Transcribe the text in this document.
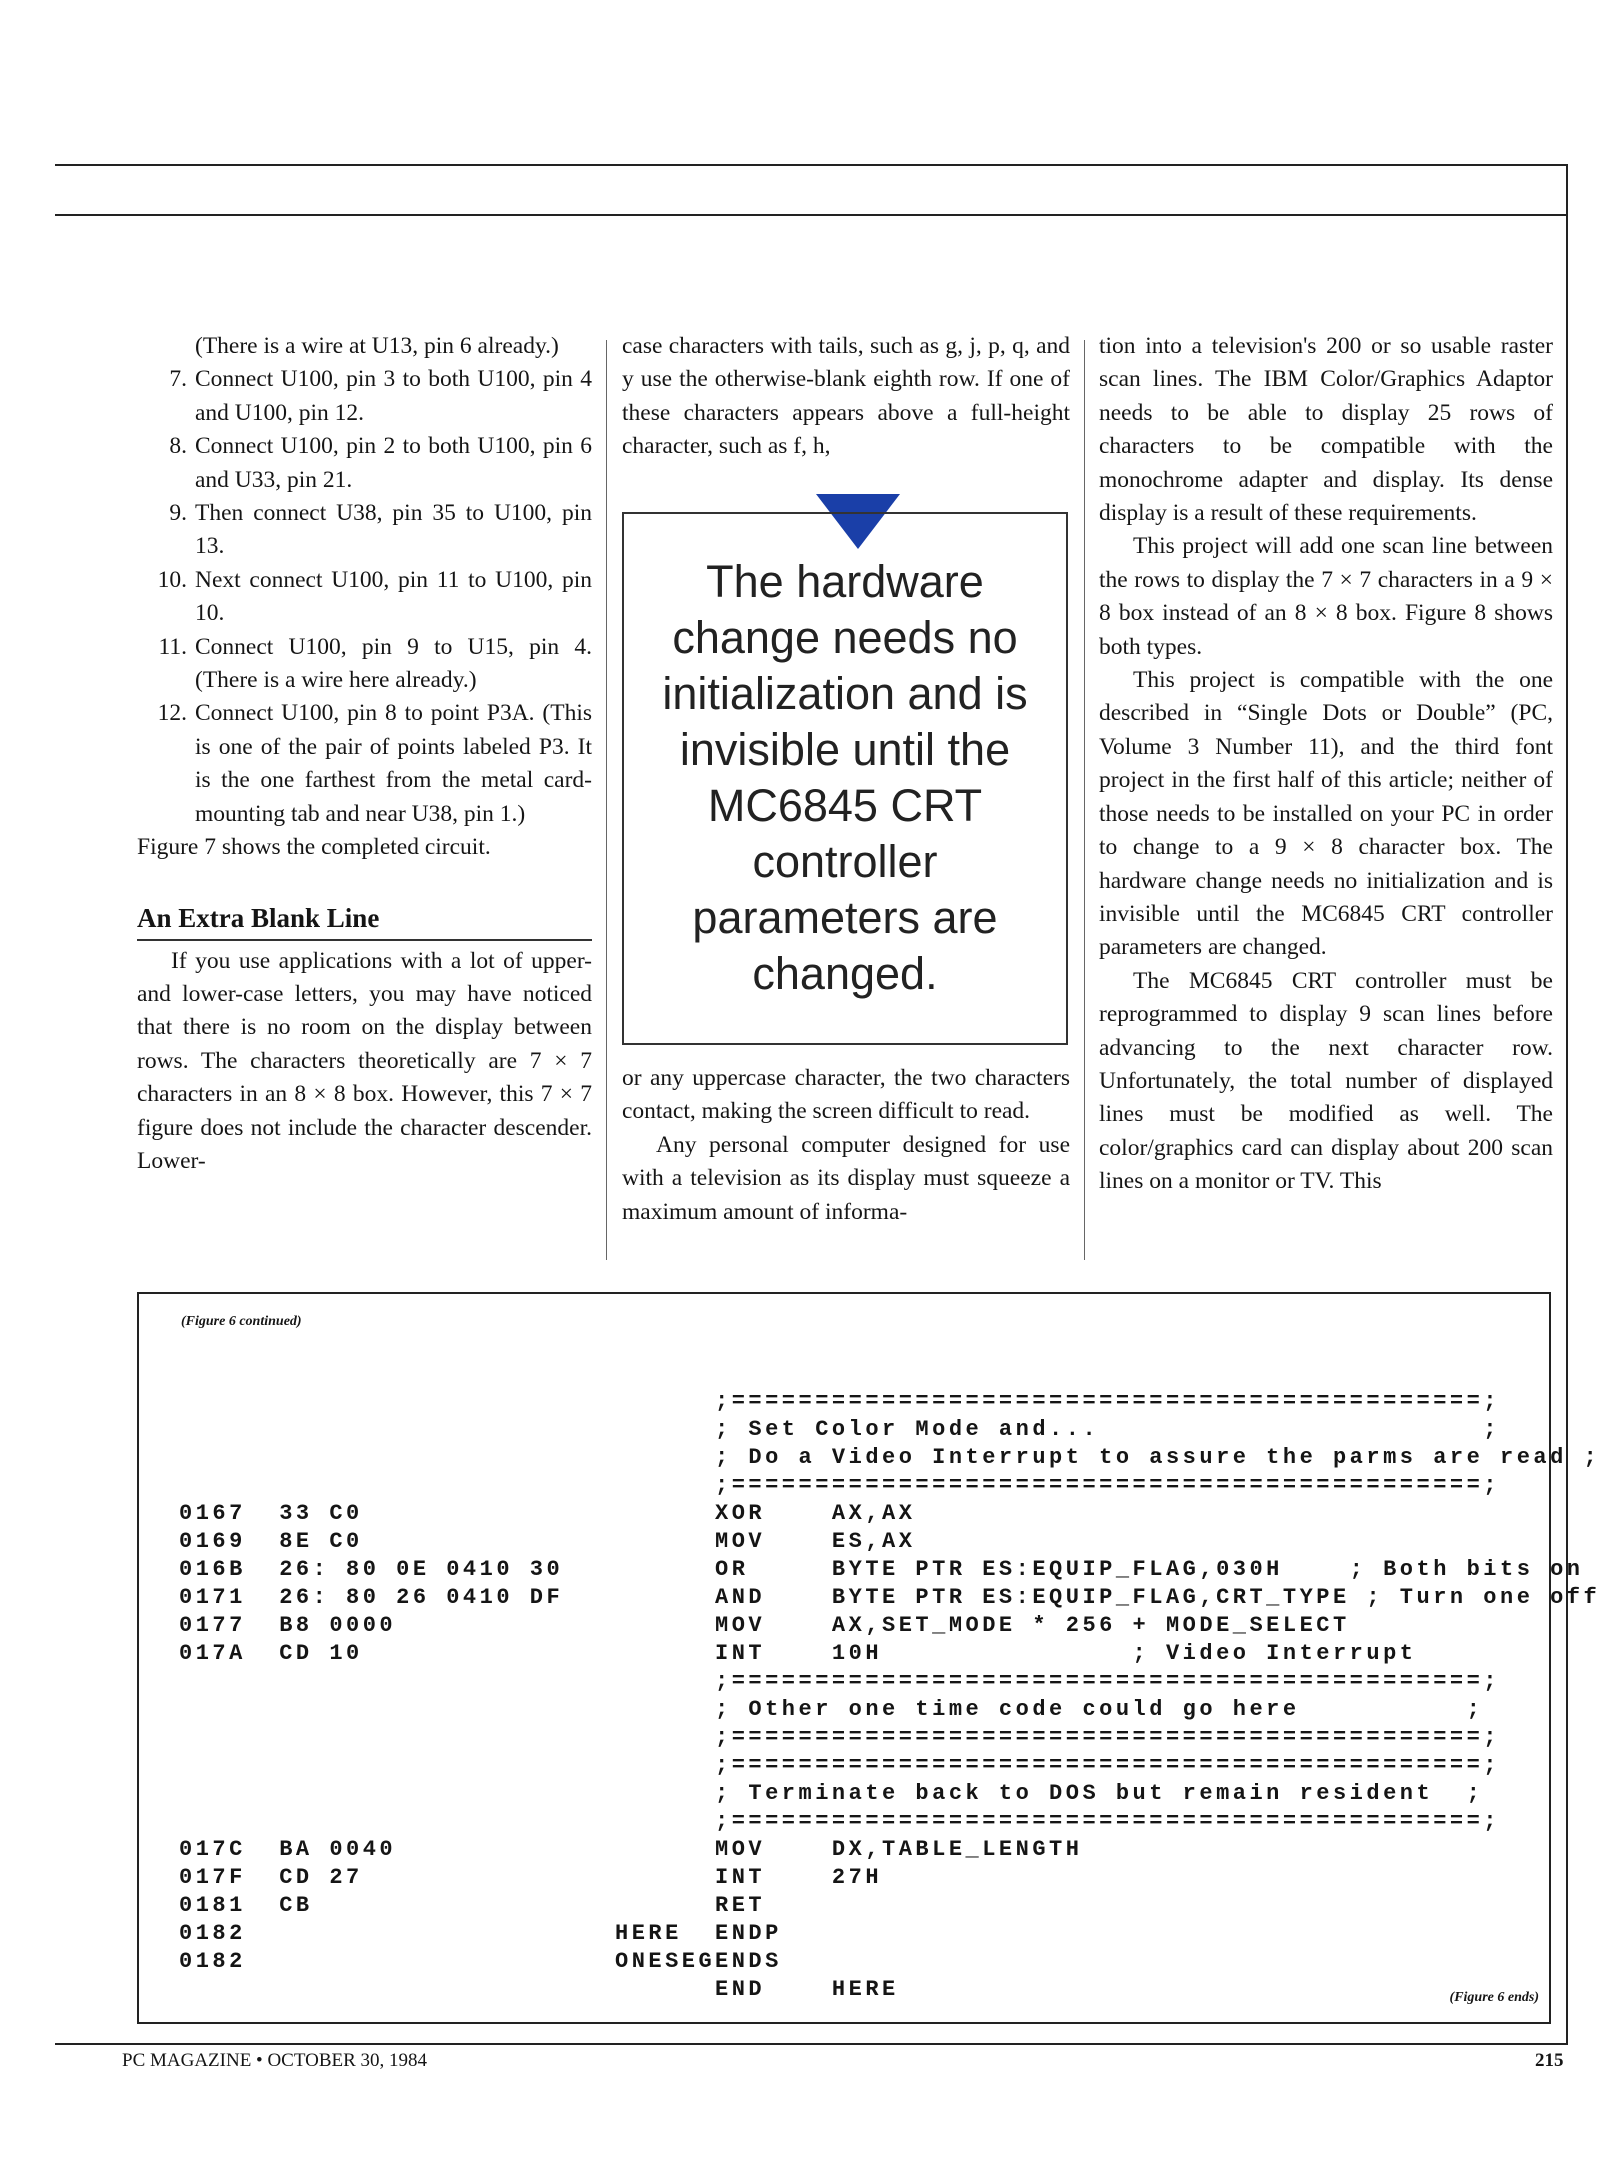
(There is a wire at U13, pin 6 already.)
7. Connect U100, pin 3 to both U100, pin 4 and U100, pin 12.
8. Connect U100, pin 2 to both U100, pin 6 and U33, pin 21.
9. Then connect U38, pin 35 to U100, pin 13.
10. Next connect U100, pin 11 to U100, pin 10.
11. Connect U100, pin 9 to U15, pin 4. (There is a wire here already.)
12. Connect U100, pin 8 to point P3A. (This is one of the pair of points labeled P3. It is the one farthest from the metal card-mounting tab and near U38, pin 1.)

Figure 7 shows the completed circuit.

An Extra Blank Line

If you use applications with a lot of upper- and lower-case letters, you may have noticed that there is no room on the display between rows. The characters theoretically are 7 × 7 characters in an 8 × 8 box. However, this 7 × 7 figure does not include the character descender. Lower-

case characters with tails, such as g, j, p, q, and y use the otherwise-blank eighth row. If one of these characters appears above a full-height character, such as f, h,

The hardware
change needs no
initialization and is
invisible until the
MC6845 CRT
controller
parameters are
changed.

or any uppercase character, the two characters contact, making the screen difficult to read.

Any personal computer designed for use with a television as its display must squeeze a maximum amount of informa-

tion into a television's 200 or so usable raster scan lines. The IBM Color/Graphics Adaptor needs to be able to display 25 rows of characters to be compatible with the monochrome adapter and display. Its dense display is a result of these requirements.

This project will add one scan line between the rows to display the 7 × 7 characters in a 9 × 8 box instead of an 8 × 8 box. Figure 8 shows both types.

This project is compatible with the one described in “Single Dots or Double” (PC, Volume 3 Number 11), and the third font project in the first half of this article; neither of those needs to be installed on your PC in order to change to a 9 × 8 character box. The hardware change needs no initialization and is invisible until the MC6845 CRT controller parameters are changed.

The MC6845 CRT controller must be reprogrammed to display 9 scan lines before advancing to the next character row. Unfortunately, the total number of displayed lines must be modified as well. The color/graphics card can display about 200 scan lines on a monitor or TV. This

(Figure 6 continued)
;=============================================;
; Set Color Mode and...                       ;
; Do a Video Interrupt to assure the parms are read ;
;=============================================;
0167  33 C0	XOR    AX,AX
0169  8E C0	MOV    ES,AX
016B  26: 80 0E 0410 30	OR     BYTE PTR ES:EQUIP_FLAG,030H    ; Both bits on
0171  26: 80 26 0410 DF	AND    BYTE PTR ES:EQUIP_FLAG,CRT_TYPE ; Turn one off
0177  B8 0000	MOV    AX,SET_MODE * 256 + MODE_SELECT
017A  CD 10	INT    10H               ; Video Interrupt
;=============================================;
; Other one time code could go here          ;
;=============================================;
;=============================================;
; Terminate back to DOS but remain resident  ;
;=============================================;
017C  BA 0040	MOV    DX,TABLE_LENGTH
017F  CD 27	INT    27H
0181  CB	RET
0182	HERE ENDP
0182	ONESEG ENDS
END    HERE	(Figure 6 ends)
PC MAGAZINE • OCTOBER 30, 1984	215
